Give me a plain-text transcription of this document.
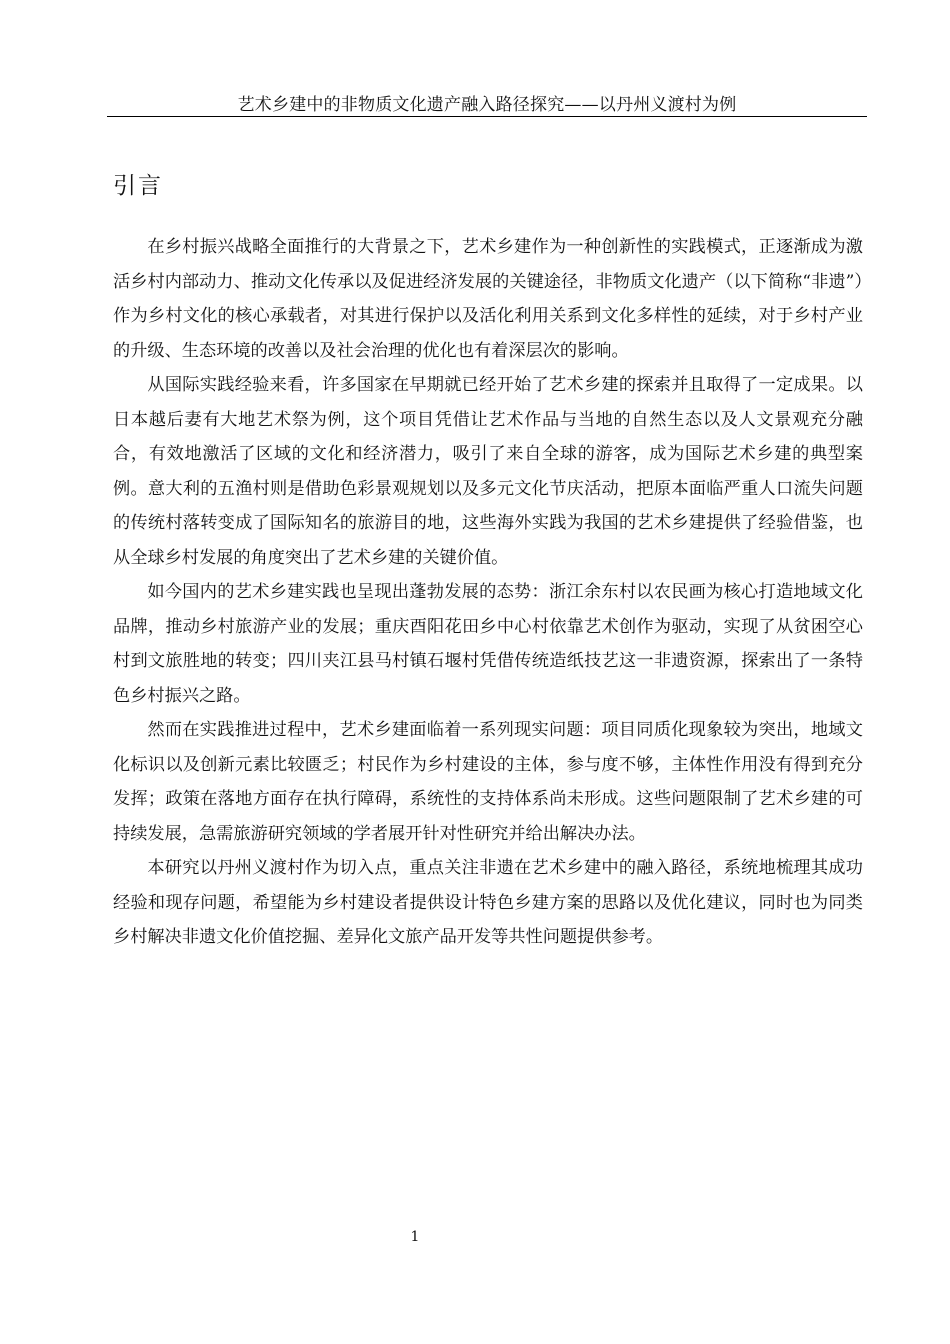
艺术乡建中的非物质文化遗产融入路径探究——以丹州义渡村为例
引言

在乡村振兴战略全面推行的大背景之下，艺术乡建作为一种创新性的实践模式，正逐渐成为激活乡村内部动力、推动文化传承以及促进经济发展的关键途径，非物质文化遗产（以下简称“非遗”）作为乡村文化的核心承载者，对其进行保护以及活化利用关系到文化多样性的延续，对于乡村产业的升级、生态环境的改善以及社会治理的优化也有着深层次的影响。

从国际实践经验来看，许多国家在早期就已经开始了艺术乡建的探索并且取得了一定成果。以日本越后妻有大地艺术祭为例，这个项目凭借让艺术作品与当地的自然生态以及人文景观充分融合，有效地激活了区域的文化和经济潜力，吸引了来自全球的游客，成为国际艺术乡建的典型案例。意大利的五渔村则是借助色彩景观规划以及多元文化节庆活动，把原本面临严重人口流失问题的传统村落转变成了国际知名的旅游目的地，这些海外实践为我国的艺术乡建提供了经验借鉴，也从全球乡村发展的角度突出了艺术乡建的关键价值。

如今国内的艺术乡建实践也呈现出蓬勃发展的态势：浙江余东村以农民画为核心打造地域文化品牌，推动乡村旅游产业的发展；重庆酉阳花田乡中心村依靠艺术创作为驱动，实现了从贫困空心村到文旅胜地的转变；四川夹江县马村镇石堰村凭借传统造纸技艺这一非遗资源，探索出了一条特色乡村振兴之路。

然而在实践推进过程中，艺术乡建面临着一系列现实问题：项目同质化现象较为突出，地域文化标识以及创新元素比较匮乏；村民作为乡村建设的主体，参与度不够，主体性作用没有得到充分发挥；政策在落地方面存在执行障碍，系统性的支持体系尚未形成。这些问题限制了艺术乡建的可持续发展，急需旅游研究领域的学者展开针对性研究并给出解决办法。

本研究以丹州义渡村作为切入点，重点关注非遗在艺术乡建中的融入路径，系统地梳理其成功经验和现存问题，希望能为乡村建设者提供设计特色乡建方案的思路以及优化建议，同时也为同类乡村解决非遗文化价值挖掘、差异化文旅产品开发等共性问题提供参考。

1
